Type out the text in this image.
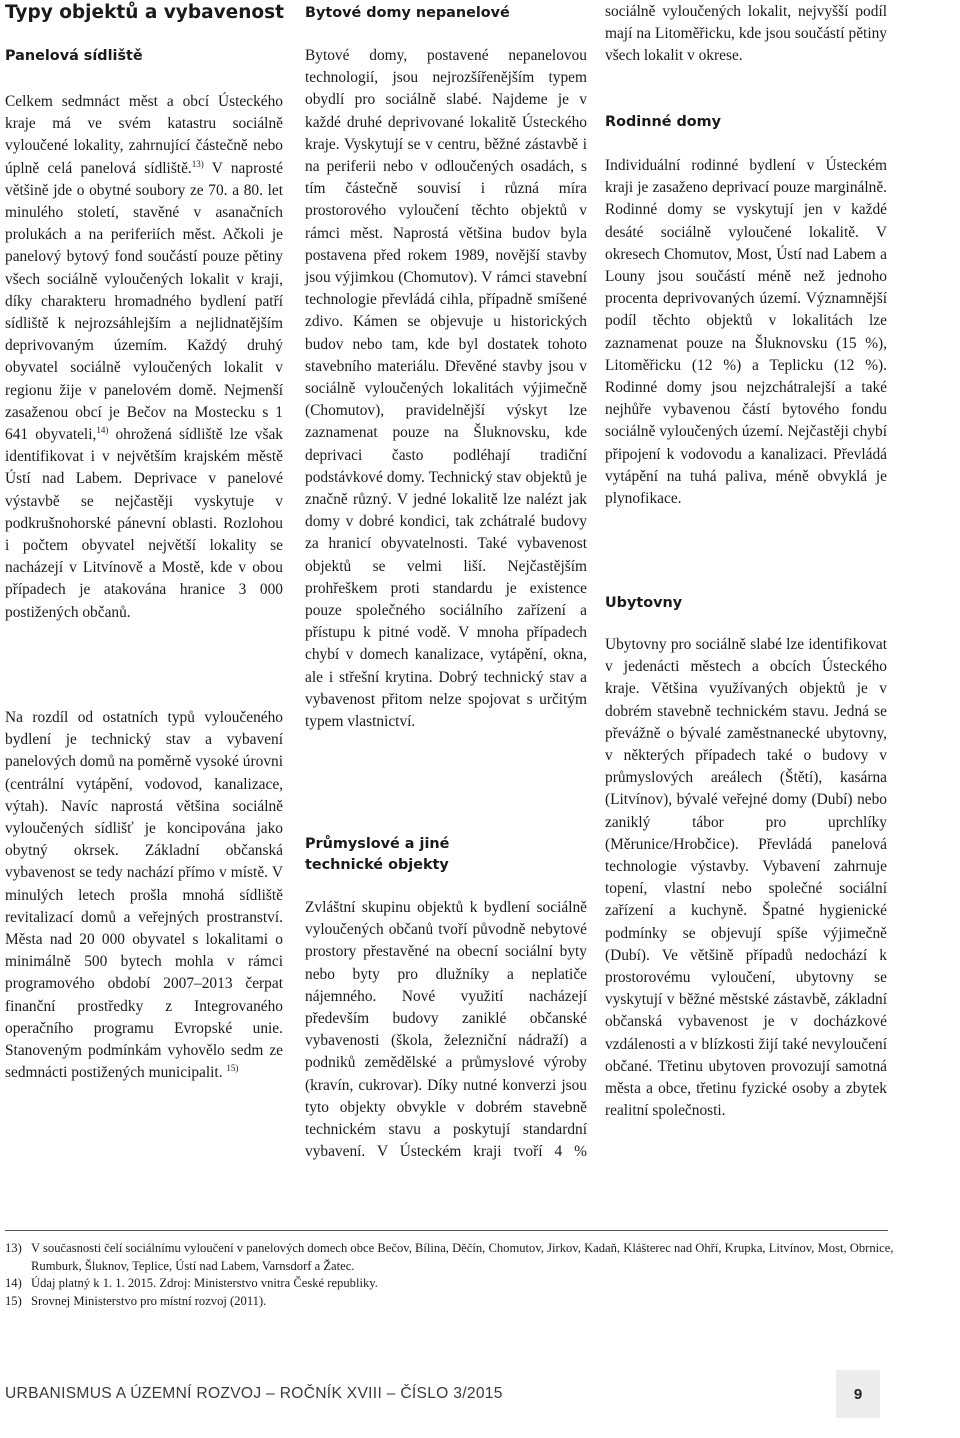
Typy objektů a vybavenost
Panelová sídliště

Celkem sedmnáct měst a obcí Ústeckého kraje má ve svém katastru sociálně vyloučené lokality, zahrnující částečně nebo úplně celá panelová sídliště.$^{13)}$ V naprosté většině jde o obytné soubory ze 70. a 80. let minulého století, stavěné v asanačních prolukách a na periferiích měst. Ačkoli je panelový bytový fond součástí pouze pětiny všech sociálně vyloučených lokalit v kraji, díky charakteru hromadného bydlení patří sídliště k nejrozsáhlejším a nejlidnatějším deprivovaným územím. Každý druhý obyvatel sociálně vyloučených lokalit v regionu žije v panelovém domě. Nejmenší zasaženou obcí je Bečov na Mostecku s 1 641 obyvateli,$^{14)}$ ohrožená sídliště lze však identifikovat i v největším krajském městě Ústí nad Labem. Deprivace v panelové výstavbě se nejčastěji vyskytuje v podkrušnohorské pánevní oblasti. Rozlohou i počtem obyvatel největší lokality se nacházejí v Litvínově a Mostě, kde v obou případech je atakována hranice 3 000 postižených občanů.

Na rozdíl od ostatních typů vyloučeného bydlení je technický stav a vybavení panelových domů na poměrně vysoké úrovni (centrální vytápění, vodovod, kanalizace, výtah). Navíc naprostá většina sociálně vyloučených sídlišť je koncipována jako obytný okrsek. Základní občanská vybavenost se tedy nachází přímo v místě. V minulých letech prošla mnohá sídliště revitalizací domů a veřejných prostranství. Města nad 20 000 obyvatel s lokalitami o minimálně 500 bytech mohla v rámci programového období 2007–2013 čerpat finanční prostředky z Integrovaného operačního programu Evropské unie. Stanoveným podmínkám vyhovělo sedm ze sedmnácti postižených municipalit. $^{15)}$

Bytové domy nepanelové

Bytové domy, postavené nepanelovou technologií, jsou nejrozšířenějším typem obydlí pro sociálně slabé. Najdeme je v každé druhé deprivované lokalitě Ústeckého kraje. Vyskytují se v centru, běžné zástavbě i na periferii nebo v odloučených osadách, s tím částečně souvisí i různá míra prostorového vyloučení těchto objektů v rámci měst. Naprostá většina budov byla postavena před rokem 1989, novější stavby jsou výjimkou (Chomutov). V rámci stavební technologie převládá cihla, případně smíšené zdivo. Kámen se objevuje u historických budov nebo tam, kde byl dostatek tohoto stavebního materiálu. Dřevěné stavby jsou v sociálně vyloučených lokalitách výjimečně (Chomutov), pravidelnější výskyt lze zaznamenat pouze na Šluknovsku, kde deprivaci často podléhají tradiční podstávkové domy. Technický stav objektů je značně různý. V jedné lokalitě lze nalézt jak domy v dobré kondici, tak zchátralé budovy za hranicí obyvatelnosti. Také vybavenost objektů se velmi liší. Nejčastějším prohřeškem proti standardu je existence pouze společného sociálního zařízení a přístupu k pitné vodě. V mnoha případech chybí v domech kanalizace, vytápění, okna, ale i střešní krytina. Dobrý technický stav a vybavenost přitom nelze spojovat s určitým typem vlastnictví.

Průmyslové a jiné
technické objekty

Zvláštní skupinu objektů k bydlení sociálně vyloučených občanů tvoří původně nebytové prostory přestavěné na obecní sociální byty nebo byty pro dlužníky a neplatiče nájemného. Nové využití nacházejí především budovy zaniklé občanské vybavenosti (škola, železniční nádraží) a podniků zemědělské a průmyslové výroby (kravín, cukrovar). Díky nutné konverzi jsou tyto objekty obvykle v dobrém stavebně technickém stavu a poskytují standardní vybavení. V Ústeckém kraji tvoří 4 %

sociálně vyloučených lokalit, nejvyšší podíl mají na Litoměřicku, kde jsou součástí pětiny všech lokalit v okrese.

Rodinné domy

Individuální rodinné bydlení v Ústeckém kraji je zasaženo deprivací pouze marginálně. Rodinné domy se vyskytují jen v každé desáté sociálně vyloučené lokalitě. V okresech Chomutov, Most, Ústí nad Labem a Louny jsou součástí méně než jednoho procenta deprivovaných území. Významnější podíl těchto objektů v lokalitách lze zaznamenat pouze na Šluknovsku (15 %), Litoměřicku (12 %) a Teplicku (12 %). Rodinné domy jsou nejzchátralejší a také nejhůře vybavenou částí bytového fondu sociálně vyloučených území. Nejčastěji chybí připojení k vodovodu a kanalizaci. Převládá vytápění na tuhá paliva, méně obvyklá je plynofikace.

Ubytovny

Ubytovny pro sociálně slabé lze identifikovat v jedenácti městech a obcích Ústeckého kraje. Většina využívaných objektů je v dobrém stavebně technickém stavu. Jedná se převážně o bývalé zaměstnanecké ubytovny, v některých případech také o budovy v průmyslových areálech (Štětí), kasárna (Litvínov), bývalé veřejné domy (Dubí) nebo zaniklý tábor pro uprchlíky (Měrunice/Hrobčice). Převládá panelová technologie výstavby. Vybavení zahrnuje topení, vlastní nebo společné sociální zařízení a kuchyně. Špatné hygienické podmínky se objevují spíše výjimečně (Dubí). Ve většině případů nedochází k prostorovému vyloučení, ubytovny se vyskytují v běžné městské zástavbě, základní občanská vybavenost je v docházkové vzdálenosti a v blízkosti žijí také nevyloučení občané. Třetinu ubytoven provozují samotná města a obce, třetinu fyzické osoby a zbytek realitní společnosti.

13) V současnosti čelí sociálnímu vyloučení v panelových domech obce Bečov, Bílina, Děčín, Chomutov, Jirkov, Kadaň, Klášterec nad Ohří, Krupka, Litvínov, Most, Obrnice, Rumburk, Šluknov, Teplice, Ústí nad Labem, Varnsdorf a Žatec.

14) Údaj platný k 1. 1. 2015. Zdroj: Ministerstvo vnitra České republiky.

15) Srovnej Ministerstvo pro místní rozvoj (2011).

URBANISMUS A ÚZEMNÍ ROZVOJ – ROČNÍK XVIII – ČÍSLO 3/2015	9
